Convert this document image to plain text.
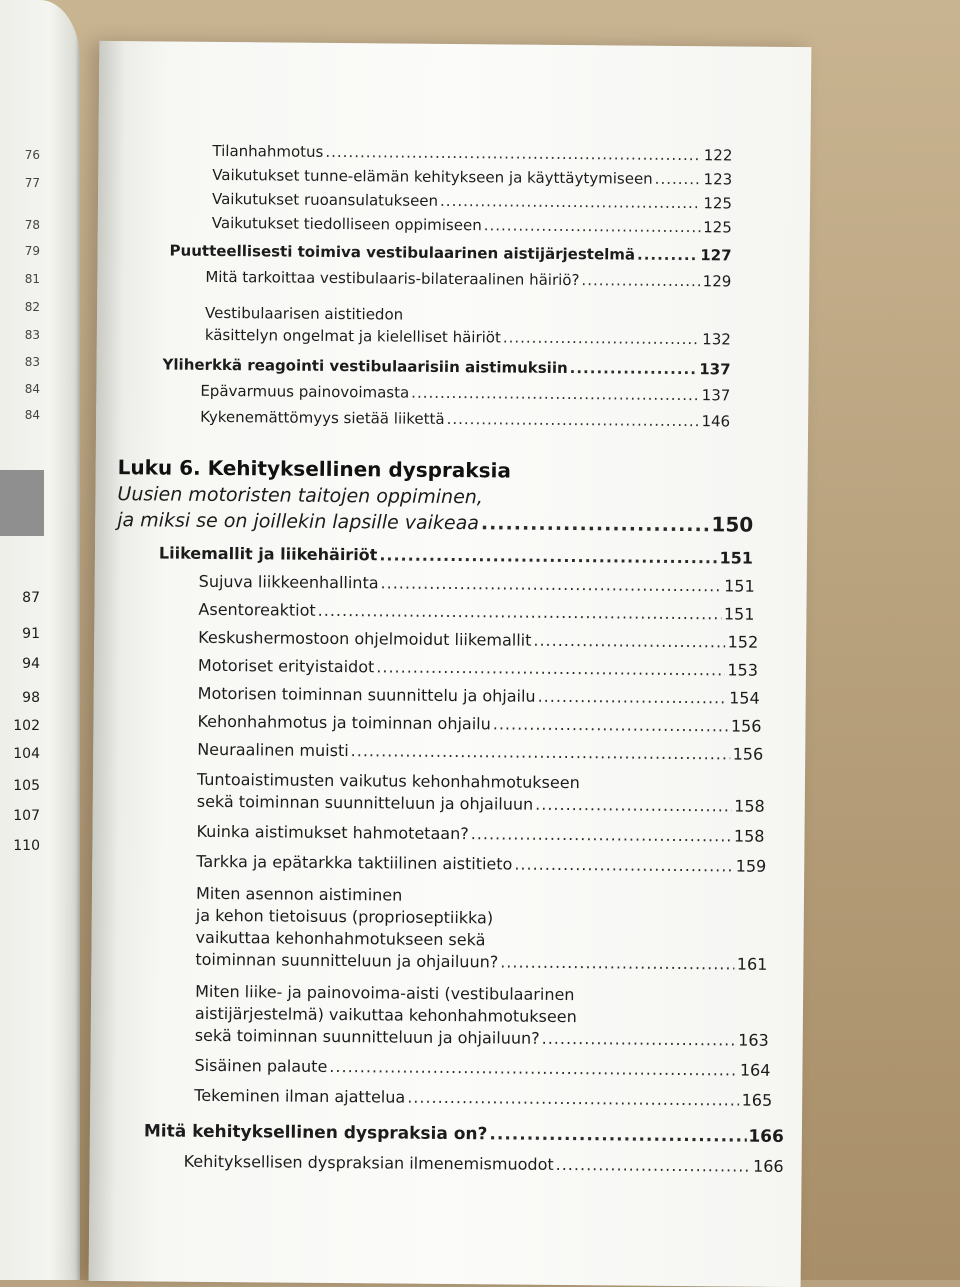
76
77
78
79
81
82
83
83
84
84
87
91
94
98
102
104
105
107
110
Tilanhahmotus .....	122
Vaikutukset tunne-elämän kehitykseen ja käyttäytymiseen .....	123
Vaikutukset ruoansulatukseen .....	125
Vaikutukset tiedolliseen oppimiseen .....	125
Puutteellisesti toimiva vestibulaarinen aistijärjestelmä .....	127
Mitä tarkoittaa vestibulaaris-bilateraalinen häiriö? .....	129
Vestibulaarisen aistitiedon
käsittelyn ongelmat ja kielelliset häiriöt .....	132
Yliherkkä reagointi vestibulaarisiin aistimuksiin .....	137
Epävarmuus painovoimasta .....	137
Kykenemättömyys sietää liikettä .....	146
Luku 6. Kehityksellinen dyspraksia
Uusien motoristen taitojen oppiminen,
ja miksi se on joillekin lapsille vaikeaa .....	150
Liikemallit ja liikehäiriöt .....	151
Sujuva liikkeenhallinta .....	151
Asentoreaktiot .....	151
Keskushermostoon ohjelmoidut liikemallit .....	152
Motoriset erityistaidot .....	153
Motorisen toiminnan suunnittelu ja ohjailu .....	154
Kehonhahmotus ja toiminnan ohjailu .....	156
Neuraalinen muisti .....	156
Tuntoaistimusten vaikutus kehonhahmotukseen
sekä toiminnan suunnitteluun ja ohjailuun .....	158
Kuinka aistimukset hahmotetaan? .....	158
Tarkka ja epätarkka taktiilinen aistitieto .....	159
Miten asennon aistiminen
ja kehon tietoisuus (proprioseptiikka)
vaikuttaa kehonhahmotukseen sekä
toiminnan suunnitteluun ja ohjailuun? .....	161
Miten liike- ja painovoima-aisti (vestibulaarinen
aistijärjestelmä) vaikuttaa kehonhahmotukseen
sekä toiminnan suunnitteluun ja ohjailuun? .....	163
Sisäinen palaute .....	164
Tekeminen ilman ajattelua .....	165
Mitä kehityksellinen dyspraksia on? .....	166
Kehityksellisen dyspraksian ilmenemismuodot .....	166
